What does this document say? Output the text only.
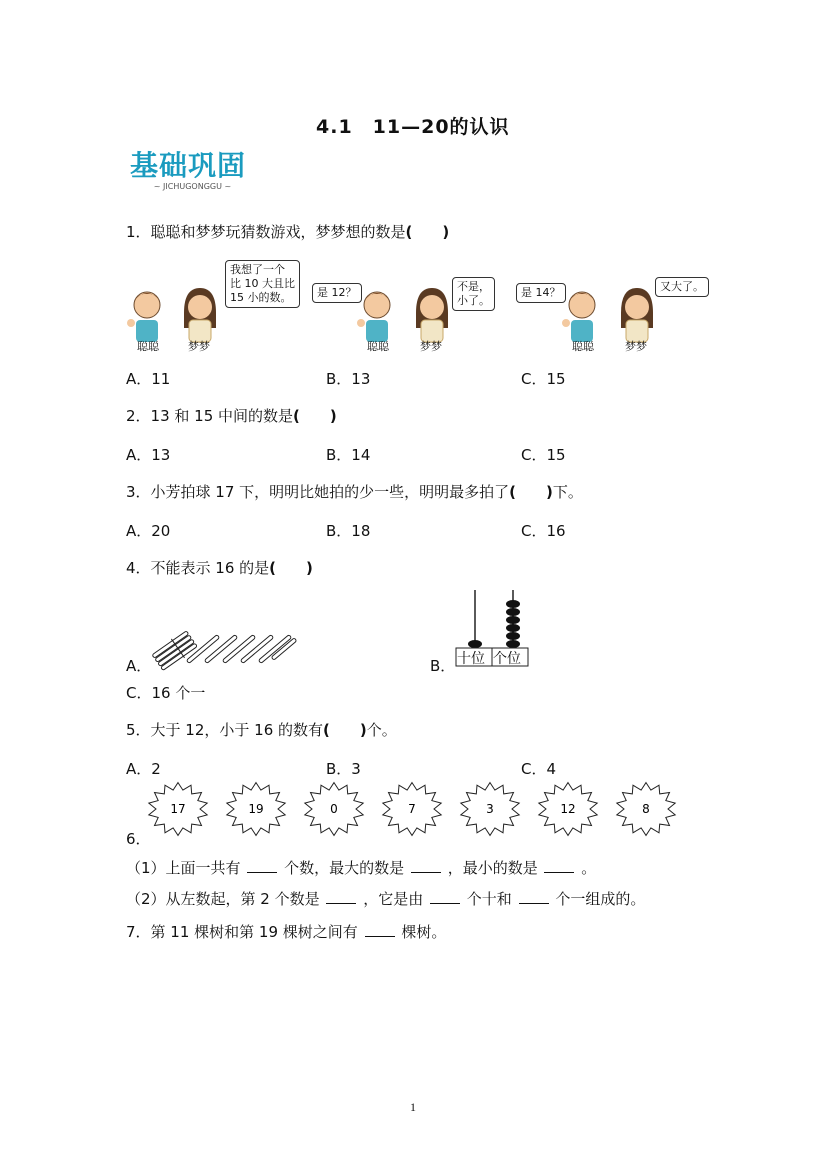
4.1　11—20的认识
基础巩固
~ JICHUGONGGU ~
1．聪聪和梦梦玩猜数游戏，梦梦想的数是(　　)
聪聪	梦梦
我想了一个
比 10 大且比
15 小的数。	是 12？
聪聪	梦梦
不是，
小了。
是 14？
聪聪	梦梦
又大了。
A．11	B．13	C．15
2．13 和 15 中间的数是(　　)
A．13	B．14	C．15
3．小芳拍球 17 下，明明比她拍的少一些，明明最多拍了(　　)下。
A．20	B．18	C．16
4．不能表示 16 的是(　　)
A．	B． 十位 个位
C．16 个一
5．大于 12，小于 16 的数有(　　)个。
A．2	B．3	C．4
6．
17	19	0	7	3	12	8
（1）上面一共有	个数，最大的数是	，最小的数是	。
（2）从左数起，第 2 个数是	，它是由	个十和	个一组成的。
7．第 11 棵树和第 19 棵树之间有	棵树。
1
